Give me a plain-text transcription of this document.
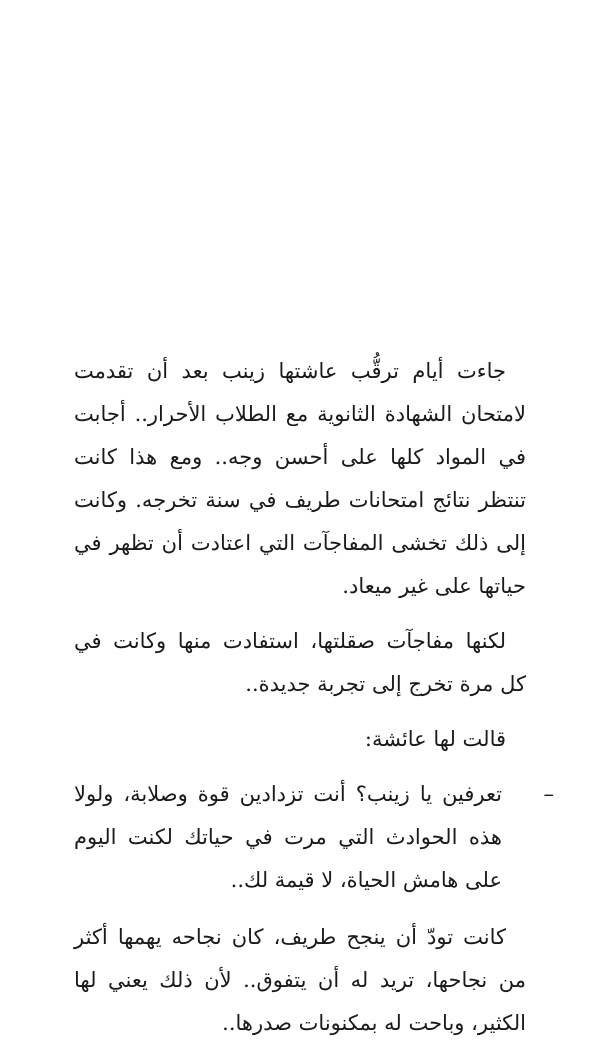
جاءت أيام ترقُّب عاشتها زينب بعد أن تقدمت لامتحان الشهادة الثانوية مع الطلاب الأحرار.. أجابت في المواد كلها على أحسن وجه.. ومع هذا كانت تنتظر نتائج امتحانات طريف في سنة تخرجه. وكانت إلى ذلك تخشى المفاجآت التي اعتادت أن تظهر في حياتها على غير ميعاد.

لكنها مفاجآت صقلتها، استفادت منها وكانت في كل مرة تخرج إلى تجربة جديدة..

قالت لها عائشة:

–
تعرفين يا زينب؟ أنت تزدادين قوة وصلابة، ولولا هذه الحوادث التي مرت في حياتك لكنت اليوم على هامش الحياة، لا قيمة لك..

كانت تودّ أن ينجح طريف، كان نجاحه يهمها أكثر من نجاحها، تريد له أن يتفوق.. لأن ذلك يعني لها الكثير، وباحت له بمكنونات صدرها..
